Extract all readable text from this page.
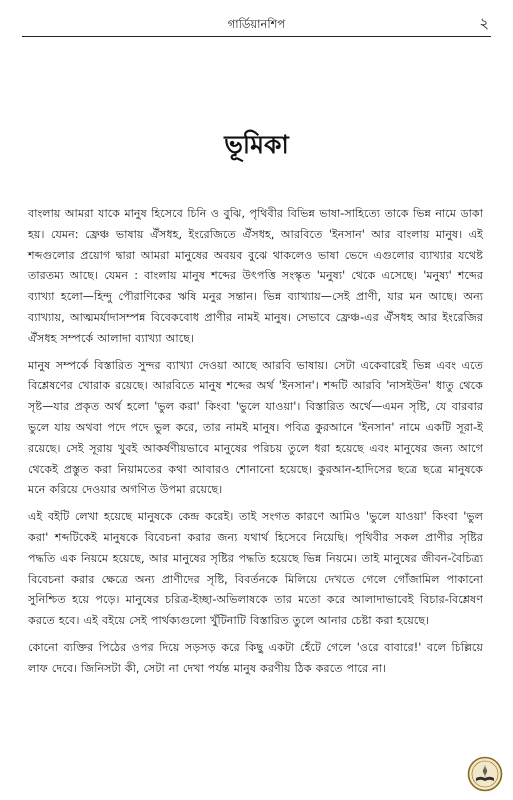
গার্ডিয়ানশিপ	২
ভূমিকা

বাংলায় আমরা যাকে মানুষ হিসেবে চিনি ও বুঝি, পৃথিবীর বিভিন্ন ভাষা-সাহিত্যে তাকে ভিন্ন নামে ডাকা হয়। যেমন: ফ্রেঞ্চ ভাষায় ঐঁসধহ, ইংরেজিতে ঐঁসধহ, আরবিতে 'ইনসান' আর বাংলায় মানুষ। এই শব্দগুলোর প্রয়োগ দ্বারা আমরা মানুষের অবয়ব বুঝে থাকলেও ভাষা ভেদে এগুলোর ব্যাখ্যার যথেষ্ট তারতম্য আছে। যেমন : বাংলায় মানুষ শব্দের উৎপত্তি সংস্কৃত 'মনুষ্য' থেকে এসেছে। 'মনুষ্য' শব্দের ব্যাখ্যা হলো—হিন্দু পৌরাণিকের ঋষি মনুর সন্তান। ভিন্ন ব্যাখ্যায়—সেই প্রাণী, যার মন আছে। অন্য ব্যাখ্যায়, আত্মমর্যাদাসম্পন্ন বিবেকবোধ প্রাণীর নামই মানুষ। সেভাবে ফ্রেঞ্চ-এর ঐঁসধহ আর ইংরেজির ঐঁসধহ সম্পর্কে আলাদা ব্যাখ্যা আছে।

মানুষ সম্পর্কে বিস্তারিত সুন্দর ব্যাখ্যা দেওয়া আছে আরবি ভাষায়। সেটা একেবারেই ভিন্ন এবং এতে বিশ্লেষণের খোরাক রয়েছে। আরবিতে মানুষ শব্দের অর্থ 'ইনসান'। শব্দটি আরবি 'নাসইউন' ধাতু থেকে সৃষ্ট—যার প্রকৃত অর্থ হলো 'ভুল করা' কিংবা 'ভুলে যাওয়া'। বিস্তারিত অর্থে—এমন সৃষ্টি, যে বারবার ভুলে যায় অথবা পদে পদে ভুল করে, তার নামই মানুষ। পবিত্র কুরআনে 'ইনসান' নামে একটি সূরা-ই রয়েছে। সেই সূরায় খুবই আকর্ষণীয়ভাবে মানুষের পরিচয় তুলে ধরা হয়েছে এবং মানুষের জন্য আগে থেকেই প্রস্তুত করা নিয়ামতের কথা আবারও শোনানো হয়েছে। কুরআন-হাদিসের ছত্রে ছত্রে মানুষকে মনে করিয়ে দেওয়ার অগণিত উপমা রয়েছে।

এই বইটি লেখা হয়েছে মানুষকে কেন্দ্র করেই। তাই সংগত কারণে আমিও 'ভুলে যাওয়া' কিংবা 'ভুল করা' শব্দটিকেই মানুষকে বিবেচনা করার জন্য যথার্থ হিসেবে নিয়েছি। পৃথিবীর সকল প্রাণীর সৃষ্টির পদ্ধতি এক নিয়মে হয়েছে, আর মানুষের সৃষ্টির পদ্ধতি হয়েছে ভিন্ন নিয়মে। তাই মানুষের জীবন-বৈচিত্র্য বিবেচনা করার ক্ষেত্রে অন্য প্রাণীদের সৃষ্টি, বিবর্তনকে মিলিয়ে দেখতে গেলে গোঁজামিল পাকানো সুনিশ্চিত হয়ে পড়ে। মানুষের চরিত্র-ইচ্ছা-অভিলাষকে তার মতো করে আলাদাভাবেই বিচার-বিশ্লেষণ করতে হবে। এই বইয়ে সেই পার্থক্যগুলো খুঁটিনাটি বিস্তারিত তুলে আনার চেষ্টা করা হয়েছে।

কোনো ব্যক্তির পিঠের ওপর দিয়ে সড়সড় করে কিছু একটা হেঁটে গেলে 'ওরে বাবারে!' বলে চিল্লিয়ে লাফ দেবে। জিনিসটা কী, সেটা না দেখা পর্যন্ত মানুষ করণীয় ঠিক করতে পারে না।
